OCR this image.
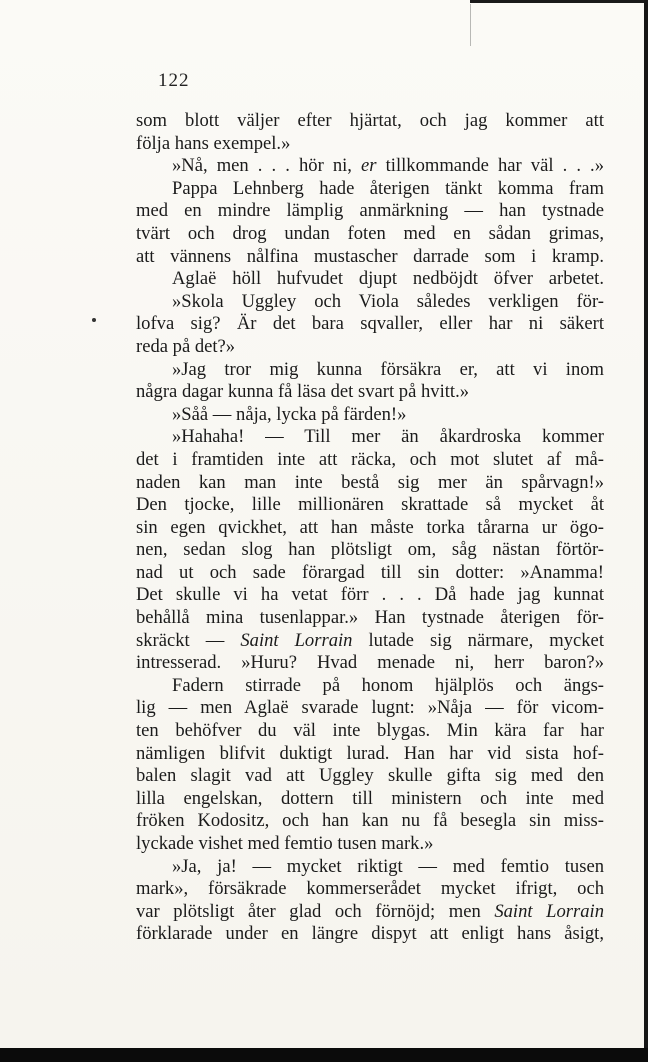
122
som blott väljer efter hjärtat, och jag kommer att
följa hans exempel.»
»Nå, men . . . hör ni, er tillkommande har väl . . .»
Pappa Lehnberg hade återigen tänkt komma fram
med en mindre lämplig anmärkning — han tystnade
tvärt och drog undan foten med en sådan grimas,
att vännens nålfina mustascher darrade som i kramp.
Aglaë höll hufvudet djupt nedböjdt öfver arbetet.
»Skola Uggley och Viola således verkligen för-
lofva sig? Är det bara sqvaller, eller har ni säkert
reda på det?»
»Jag tror mig kunna försäkra er, att vi inom
några dagar kunna få läsa det svart på hvitt.»
»Såå — nåja, lycka på färden!»
»Hahaha! — Till mer än åkardroska kommer
det i framtiden inte att räcka, och mot slutet af må-
naden kan man inte bestå sig mer än spårvagn!»
Den tjocke, lille millionären skrattade så mycket åt
sin egen qvickhet, att han måste torka tårarna ur ögo-
nen, sedan slog han plötsligt om, såg nästan förtör-
nad ut och sade förargad till sin dotter: »Anamma!
Det skulle vi ha vetat förr . . . Då hade jag kunnat
behållå mina tusenlappar.» Han tystnade återigen för-
skräckt — Saint Lorrain lutade sig närmare, mycket
intresserad. »Huru? Hvad menade ni, herr baron?»
Fadern stirrade på honom hjälplös och ängs-
lig — men Aglaë svarade lugnt: »Nåja — för vicom-
ten behöfver du väl inte blygas. Min kära far har
nämligen blifvit duktigt lurad. Han har vid sista hof-
balen slagit vad att Uggley skulle gifta sig med den
lilla engelskan, dottern till ministern och inte med
fröken Kodositz, och han kan nu få besegla sin miss-
lyckade vishet med femtio tusen mark.»
»Ja, ja! — mycket riktigt — med femtio tusen
mark», försäkrade kommerserådet mycket ifrigt, och
var plötsligt åter glad och förnöjd; men Saint Lorrain
förklarade under en längre dispyt att enligt hans åsigt,
